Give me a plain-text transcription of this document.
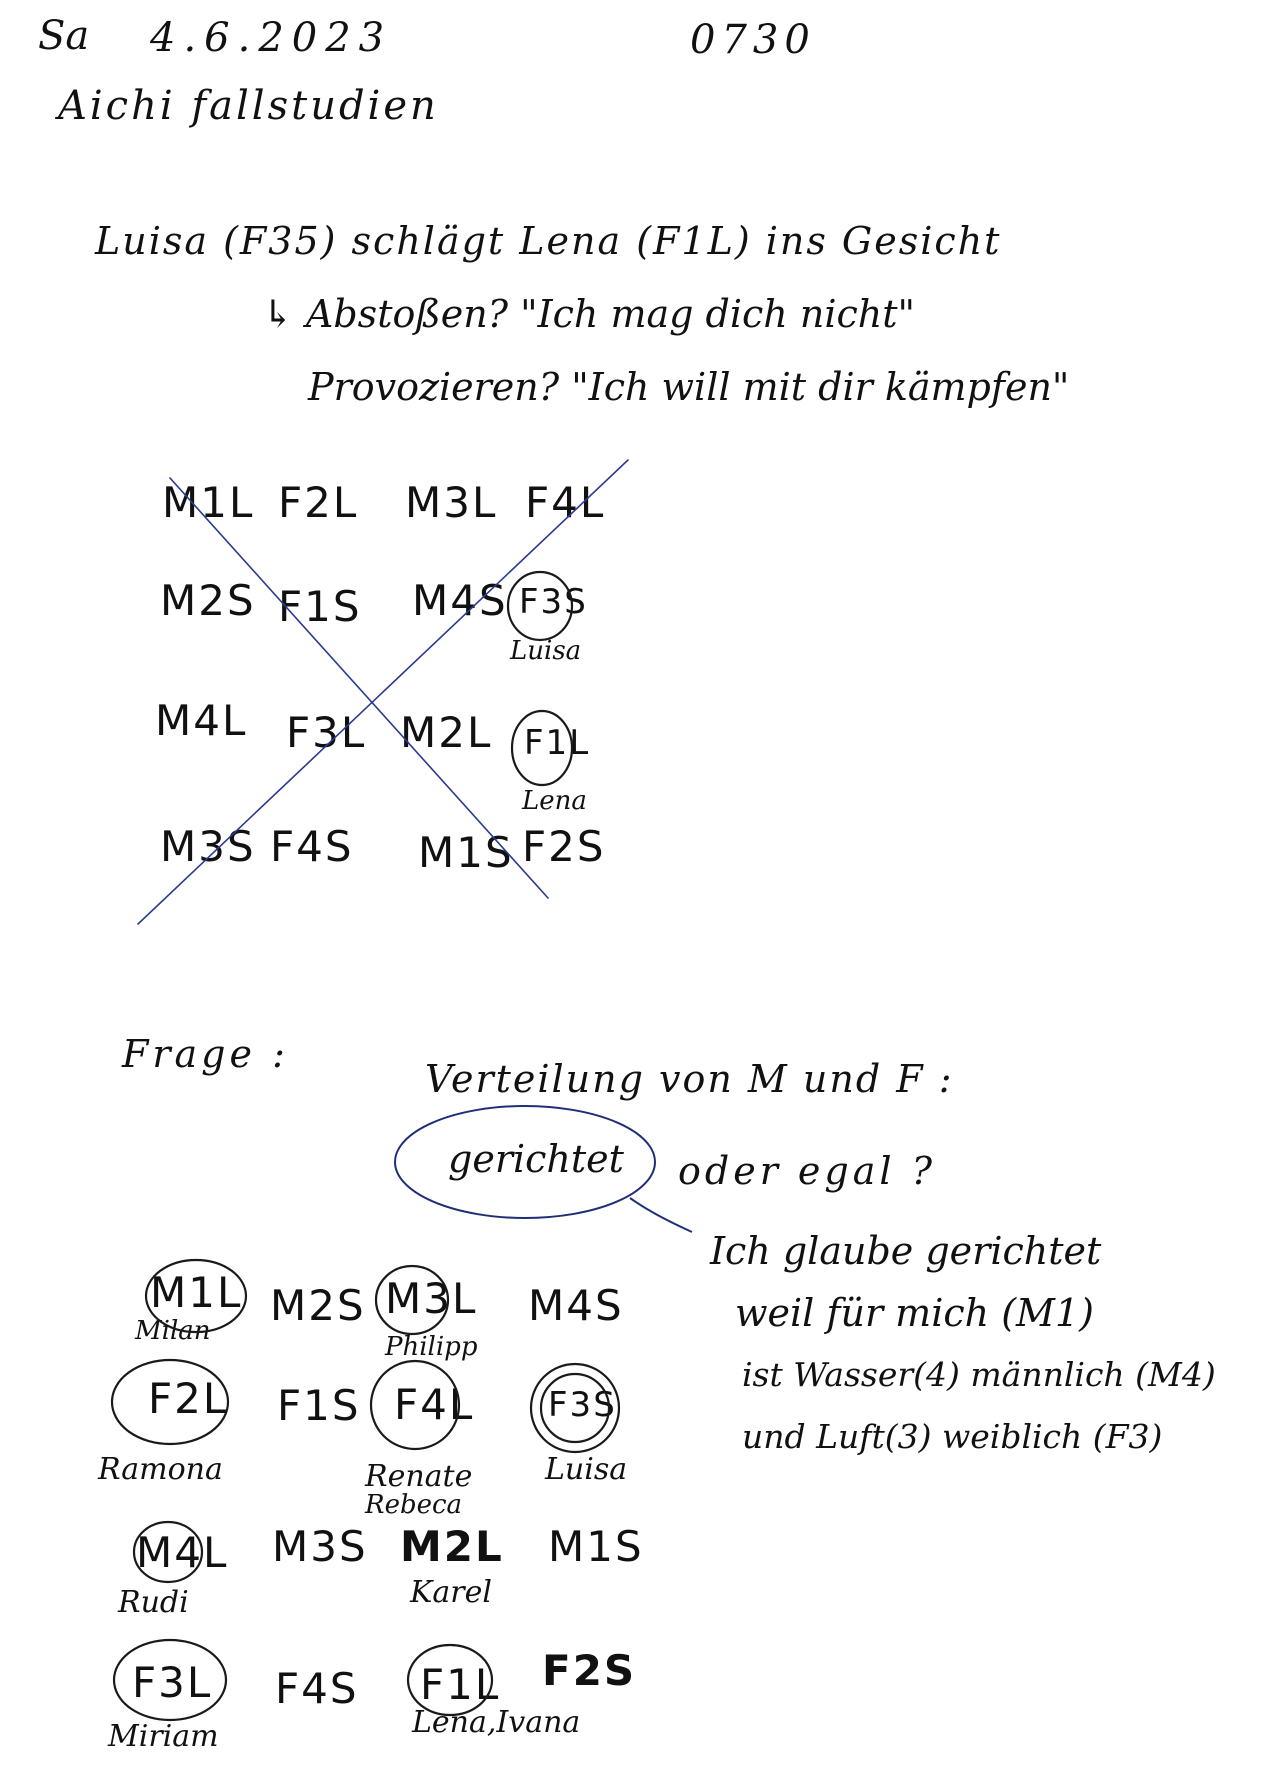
Sa 4.6.2023	0730
Aichi fallstudien
Luisa (F35) schlägt Lena (F1L) ins Gesicht
↳ Abstoßen? "Ich mag dich nicht"
Provozieren? "Ich will mit dir kämpfen"
M1L F2L M3L F4L
M2S F1S M4S F3S
Luisa
M4L F3L M2L F1L
Lena
M3S F4S M1S F2S
Frage :
Verteilung von M und F :
gerichtet oder egal ?
Ich glaube gerichtet
weil für mich (M1)
ist Wasser(4) männlich (M4)
und Luft(3) weiblich (F3)
M1L M2S M3L M4S
Milan
Philipp
F2L F1S F4L F3S
Ramona	Renate
Rebeca
Luisa
M4L M3S M2L M1S
Rudi	Karel
F3L F4S F1L F2S
Miriam	Lena,Ivana
